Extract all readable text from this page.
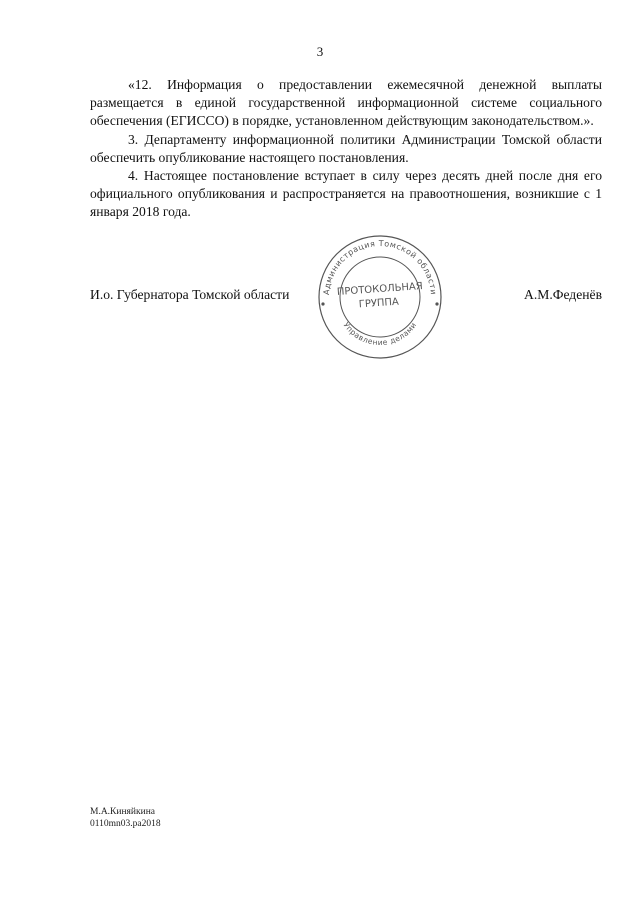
3

«12. Информация о предоставлении ежемесячной денежной выплаты размещается в единой государственной информационной системе социального обеспечения (ЕГИССО) в порядке, установленном действующим законодательством.».

3. Департаменту информационной политики Администрации Томской области обеспечить опубликование настоящего постановления.

4. Настоящее постановление вступает в силу через десять дней после дня его официального опубликования и распространяется на правоотношения, возникшие с 1 января 2018 года.

И.о. Губернатора Томской области	А.М.Феденёв
Администрация Томской области
Управление делами
ПРОТОКОЛЬНАЯ
ГРУППА
М.А.Киняйкина
0110mn03.pa2018
